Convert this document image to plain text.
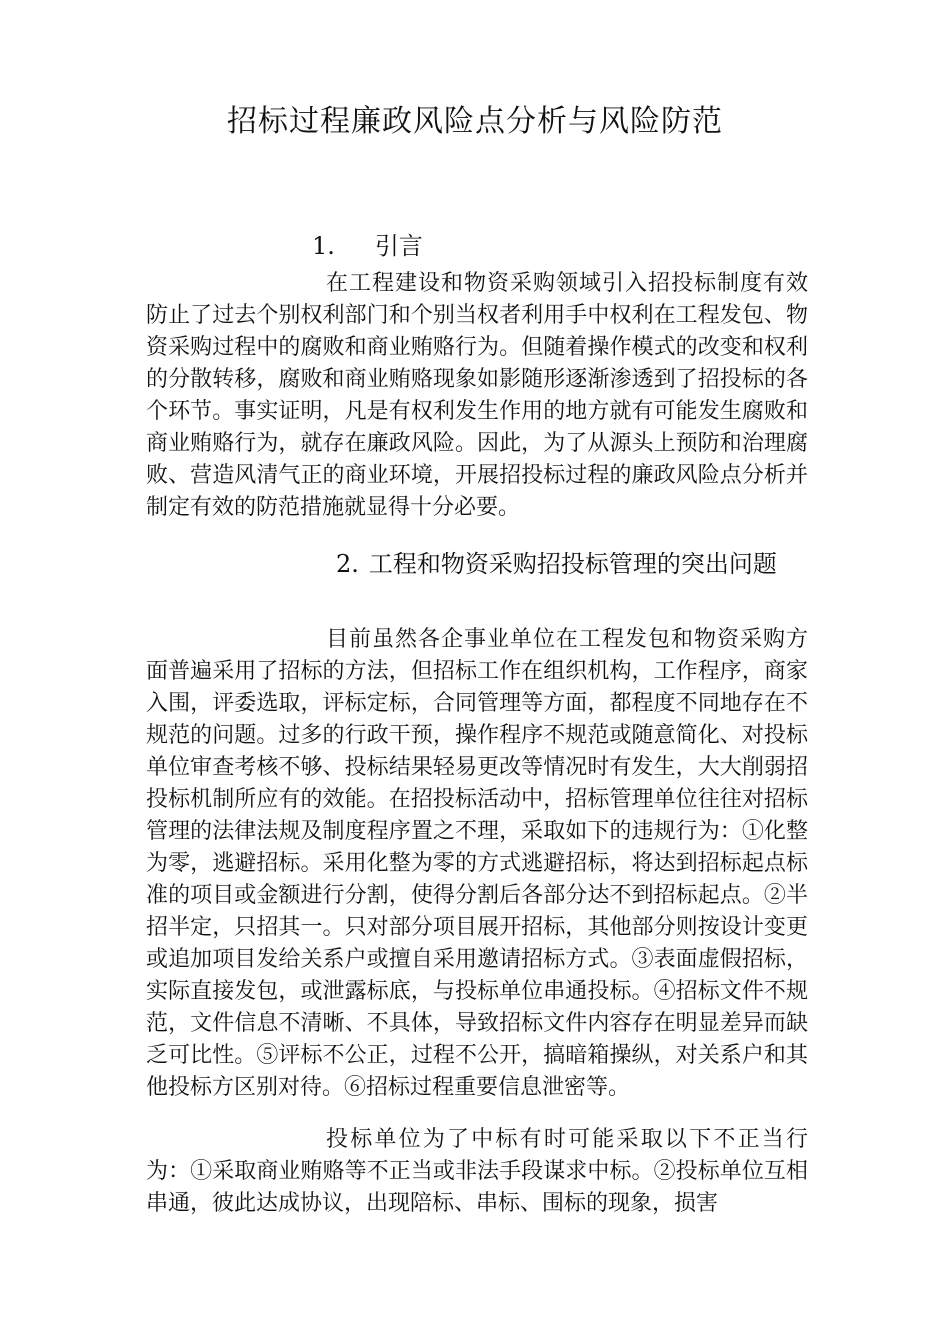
招标过程廉政风险点分析与风险防范
1. 引言

在工程建设和物资采购领域引入招投标制度有效防止了过去个别权利部门和个别当权者利用手中权利在工程发包、物资采购过程中的腐败和商业贿赂行为。但随着操作模式的改变和权利的分散转移，腐败和商业贿赂现象如影随形逐渐渗透到了招投标的各个环节。事实证明，凡是有权利发生作用的地方就有可能发生腐败和商业贿赂行为，就存在廉政风险。因此，为了从源头上预防和治理腐败、营造风清气正的商业环境，开展招投标过程的廉政风险点分析并制定有效的防范措施就显得十分必要。

2. 工程和物资采购招投标管理的突出问题

目前虽然各企事业单位在工程发包和物资采购方面普遍采用了招标的方法，但招标工作在组织机构，工作程序，商家入围，评委选取，评标定标，合同管理等方面，都程度不同地存在不规范的问题。过多的行政干预，操作程序不规范或随意简化、对投标单位审查考核不够、投标结果轻易更改等情况时有发生，大大削弱招投标机制所应有的效能。在招投标活动中，招标管理单位往往对招标管理的法律法规及制度程序置之不理，采取如下的违规行为：①化整为零，逃避招标。采用化整为零的方式逃避招标，将达到招标起点标准的项目或金额进行分割，使得分割后各部分达不到招标起点。②半招半定，只招其一。只对部分项目展开招标，其他部分则按设计变更或追加项目发给关系户或擅自采用邀请招标方式。③表面虚假招标，实际直接发包，或泄露标底，与投标单位串通投标。④招标文件不规范，文件信息不清晰、不具体，导致招标文件内容存在明显差异而缺乏可比性。⑤评标不公正，过程不公开，搞暗箱操纵，对关系户和其他投标方区别对待。⑥招标过程重要信息泄密等。

投标单位为了中标有时可能采取以下不正当行为：①采取商业贿赂等不正当或非法手段谋求中标。②投标单位互相串通，彼此达成协议，出现陪标、串标、围标的现象，损害
